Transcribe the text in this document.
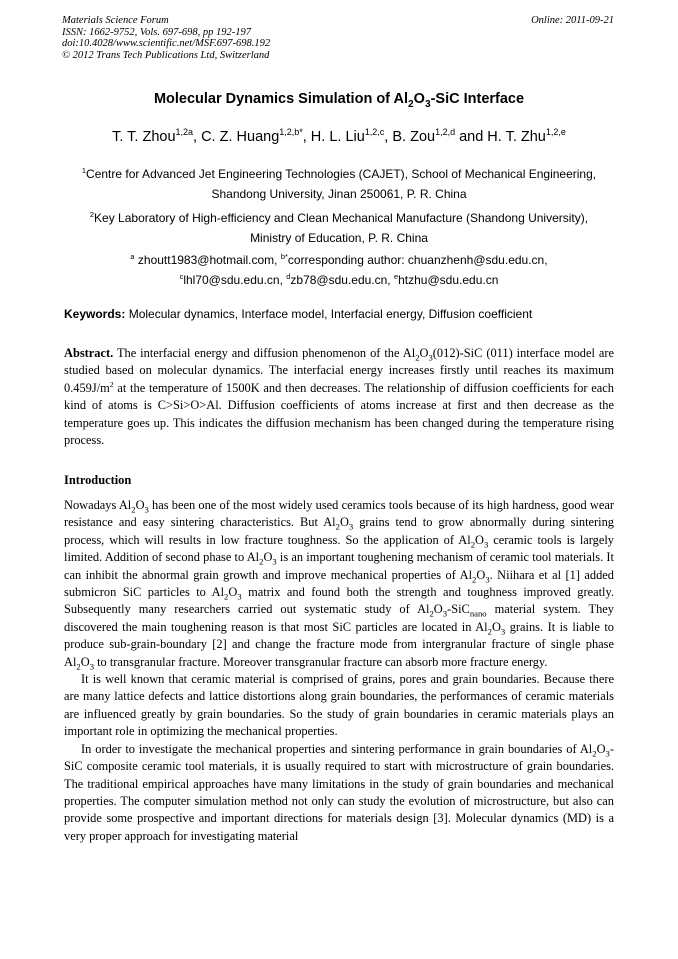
Materials Science Forum
ISSN: 1662-9752, Vols. 697-698, pp 192-197
doi:10.4028/www.scientific.net/MSF.697-698.192
© 2012 Trans Tech Publications Ltd, Switzerland
Online: 2011-09-21
Molecular Dynamics Simulation of $Al_2O_3$-SiC Interface
T. T. Zhou$^{1,2a}$, C. Z. Huang$^{1,2,b*}$, H. L. Liu$^{1,2,c}$, B. Zou$^{1,2,d}$ and H. T. Zhu$^{1,2,e}$
$^1$Centre for Advanced Jet Engineering Technologies (CAJET), School of Mechanical Engineering,
Shandong University, Jinan 250061, P. R. China
$^2$Key Laboratory of High-efficiency and Clean Mechanical Manufacture (Shandong University),
Ministry of Education, P. R. China
$^a$ zhoutt1983@hotmail.com, $^{b*}$corresponding author: chuanzhenh@sdu.edu.cn,
$^c$lhl70@sdu.edu.cn, $^d$zb78@sdu.edu.cn, $^e$htzhu@sdu.edu.cn
Keywords: Molecular dynamics, Interface model, Interfacial energy, Diffusion coefficient

Abstract. The interfacial energy and diffusion phenomenon of the $Al_2O_3(012)$-SiC (011) interface model are studied based on molecular dynamics. The interfacial energy increases firstly until reaches its maximum $0.459J/m^2$ at the temperature of 1500K and then decreases. The relationship of diffusion coefficients for each kind of atoms is C>Si>O>Al. Diffusion coefficients of atoms increase at first and then decrease as the temperature goes up. This indicates the diffusion mechanism has been changed during the temperature rising process.

Introduction

Nowadays $Al_2O_3$ has been one of the most widely used ceramics tools because of its high hardness, good wear resistance and easy sintering characteristics. But $Al_2O_3$ grains tend to grow abnormally during sintering process, which will results in low fracture toughness. So the application of $Al_2O_3$ ceramic tools is largely limited. Addition of second phase to $Al_2O_3$ is an important toughening mechanism of ceramic tool materials. It can inhibit the abnormal grain growth and improve mechanical properties of $Al_2O_3$. Niihara et al [1] added submicron SiC particles to $Al_2O_3$ matrix and found both the strength and toughness improved greatly. Subsequently many researchers carried out systematic study of $Al_2O_3-SiC_{nano}$ material system. They discovered the main toughening reason is that most SiC particles are located in $Al_2O_3$ grains. It is liable to produce sub-grain-boundary [2] and change the fracture mode from intergranular fracture of single phase $Al_2O_3$ to transgranular fracture. Moreover transgranular fracture can absorb more fracture energy.

It is well known that ceramic material is comprised of grains, pores and grain boundaries. Because there are many lattice defects and lattice distortions along grain boundaries, the performances of ceramic materials are influenced greatly by grain boundaries. So the study of grain boundaries in ceramic materials plays an important role in optimizing the mechanical properties.

In order to investigate the mechanical properties and sintering performance in grain boundaries of $Al_2O_3$-SiC composite ceramic tool materials, it is usually required to start with microstructure of grain boundaries. The traditional empirical approaches have many limitations in the study of grain boundaries and mechanical properties. The computer simulation method not only can study the evolution of microstructure, but also can provide some prospective and important directions for materials design [3]. Molecular dynamics (MD) is a very proper approach for investigating material
